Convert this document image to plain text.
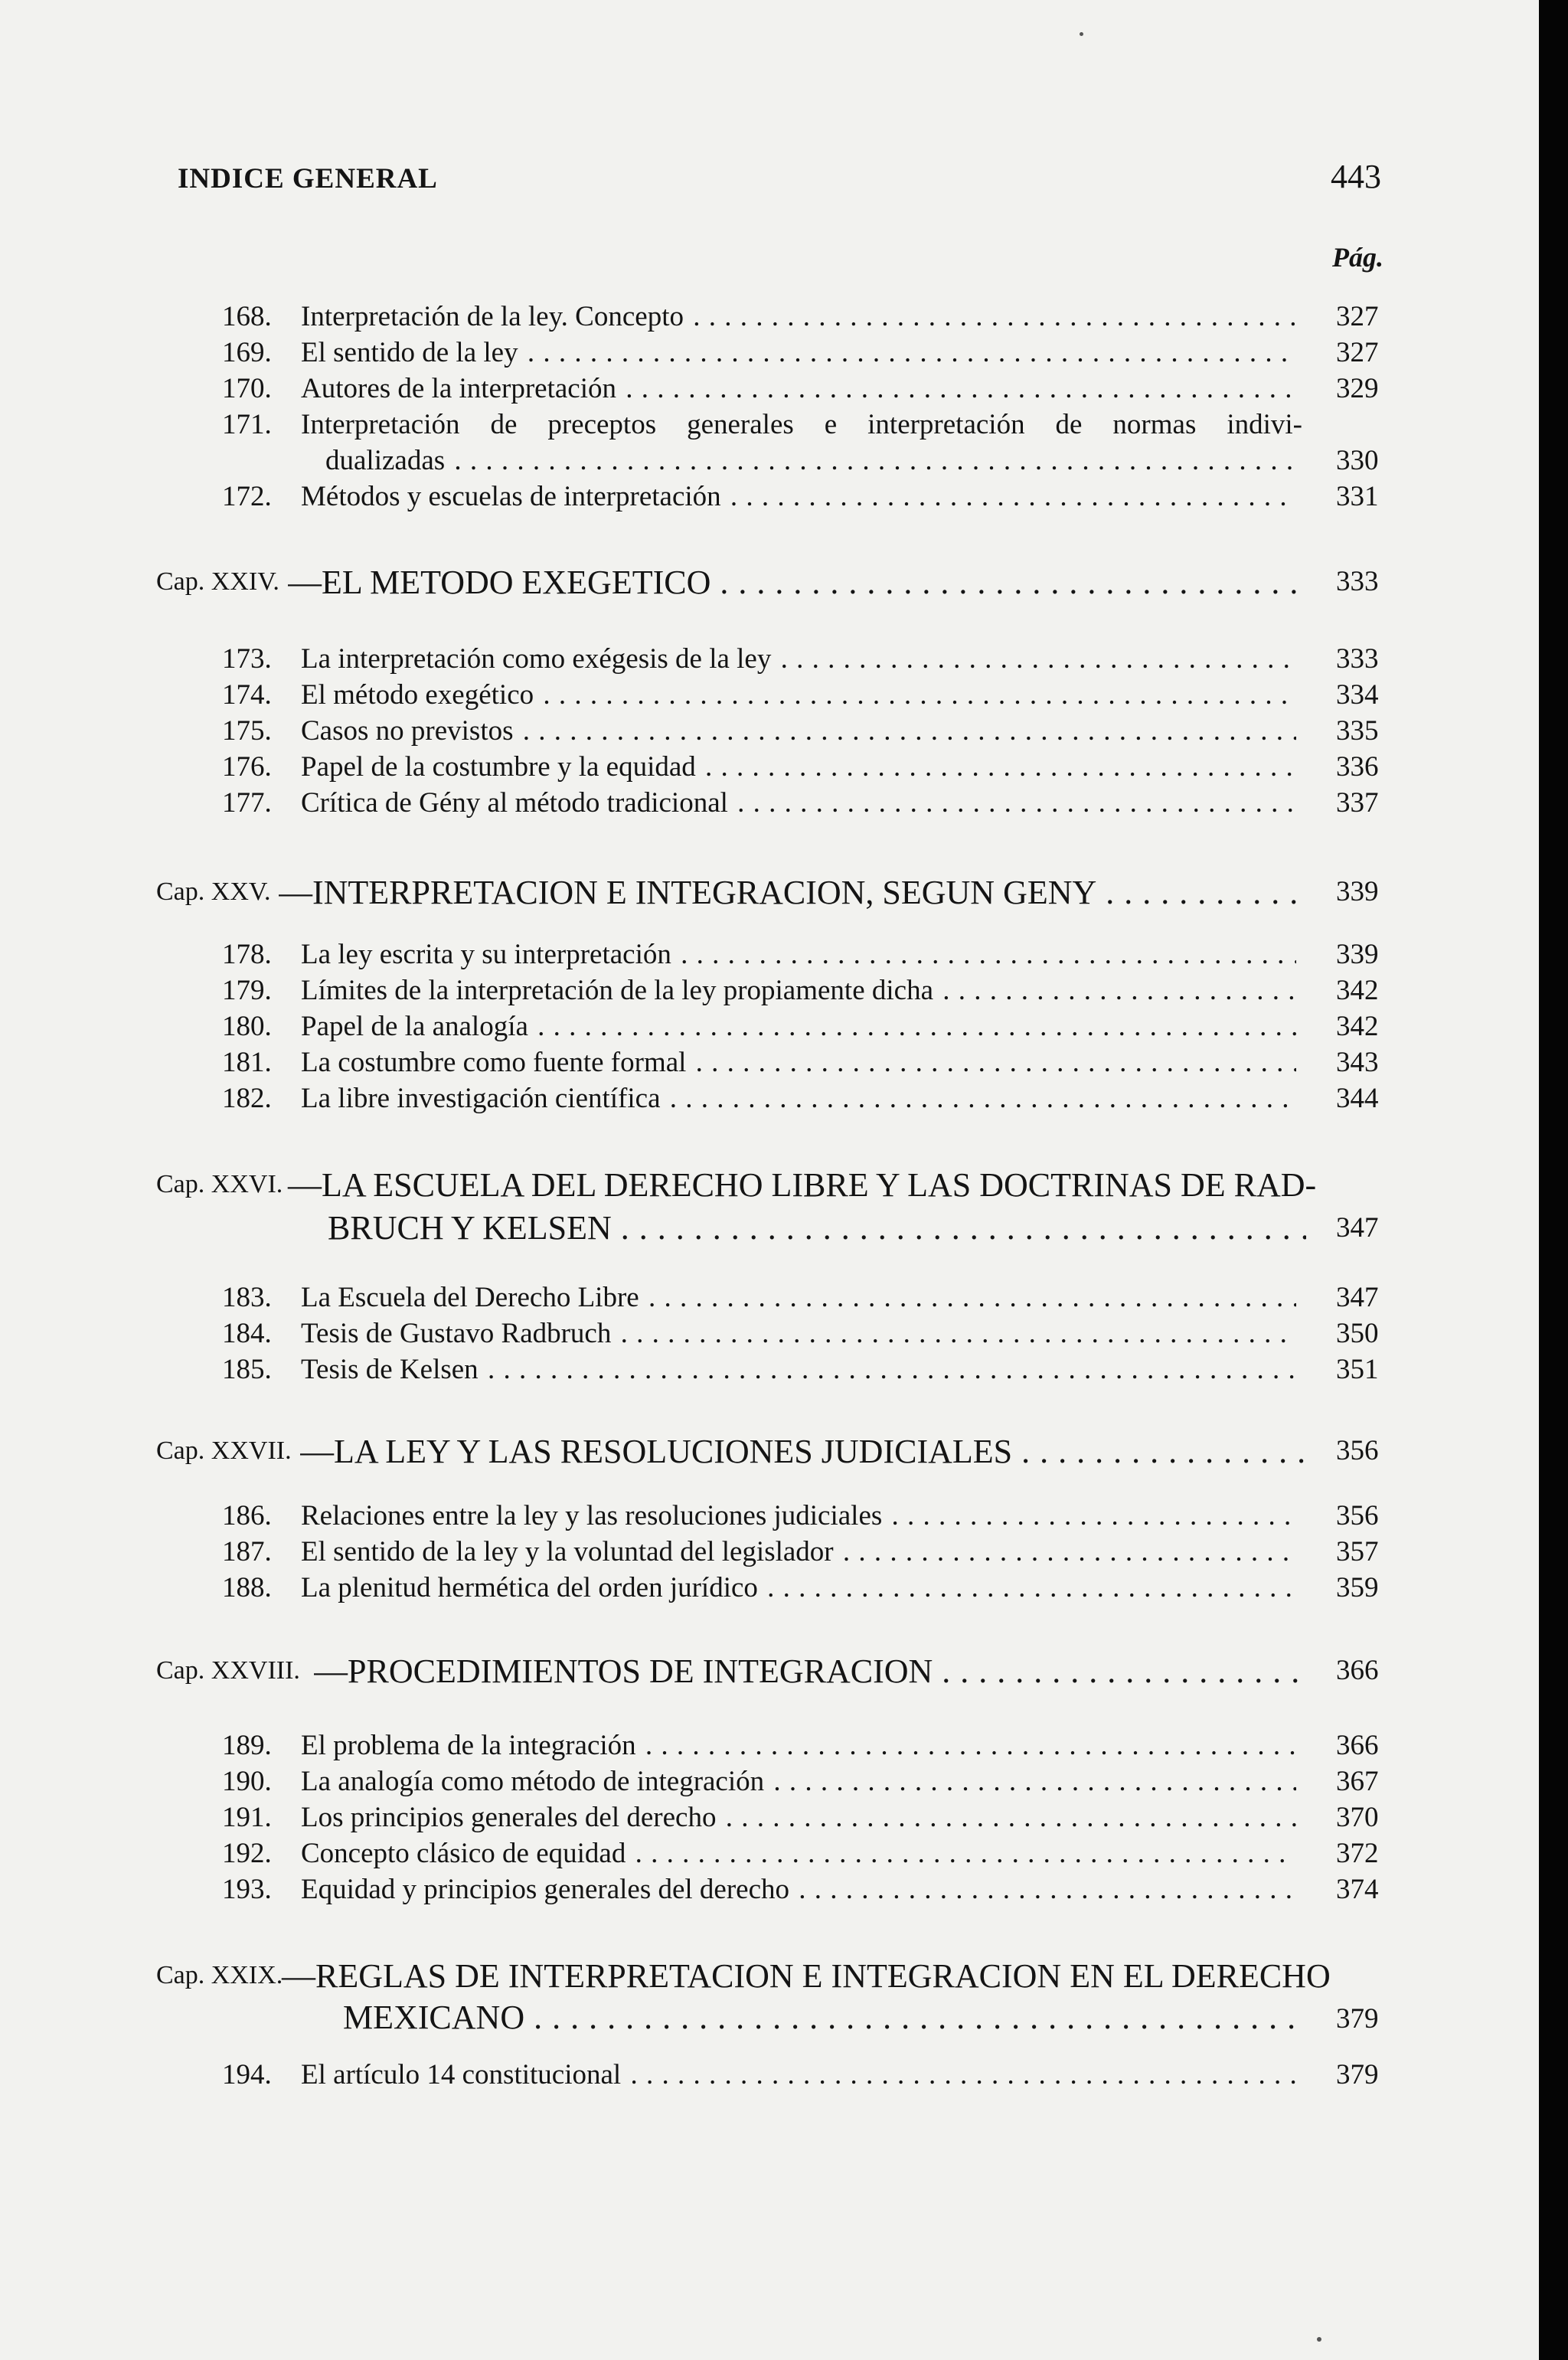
INDICE GENERAL	443
Pág.
168. Interpretación de la ley. Concepto . . .	327
169. El sentido de la ley . . .	327
170. Autores de la interpretación . . .	329
171. Interpretación de preceptos generales e interpretación de normas indivi-
dualizadas . . .	330
172. Métodos y escuelas de interpretación . . .	331
Cap. XXIV. —EL METODO EXEGETICO . . .	333
173. La interpretación como exégesis de la ley . . .	333
174. El método exegético . . .	334
175. Casos no previstos . . .	335
176. Papel de la costumbre y la equidad . . .	336
177. Crítica de Gény al método tradicional . . .	337
Cap. XXV. —INTERPRETACION E INTEGRACION, SEGUN GENY . . .	339
178. La ley escrita y su interpretación . . .	339
179. Límites de la interpretación de la ley propiamente dicha . . .	342
180. Papel de la analogía . . .	342
181. La costumbre como fuente formal . . .	343
182. La libre investigación científica . . .	344
Cap. XXVI. —LA ESCUELA DEL DERECHO LIBRE Y LAS DOCTRINAS DE RAD-
BRUCH Y KELSEN . . .	347
183. La Escuela del Derecho Libre . . .	347
184. Tesis de Gustavo Radbruch . . .	350
185. Tesis de Kelsen . . .	351
Cap. XXVII. —LA LEY Y LAS RESOLUCIONES JUDICIALES . . .	356
186. Relaciones entre la ley y las resoluciones judiciales . . .	356
187. El sentido de la ley y la voluntad del legislador . . .	357
188. La plenitud hermética del orden jurídico . . .	359
Cap. XXVIII. —PROCEDIMIENTOS DE INTEGRACION . . .	366
189. El problema de la integración . . .	366
190. La analogía como método de integración . . .	367
191. Los principios generales del derecho . . .	370
192. Concepto clásico de equidad . . .	372
193. Equidad y principios generales del derecho . . .	374
Cap. XXIX.
—REGLAS DE INTERPRETACION E INTEGRACION EN EL DERECHO
MEXICANO . . .	379
194. El artículo 14 constitucional . . .	379
